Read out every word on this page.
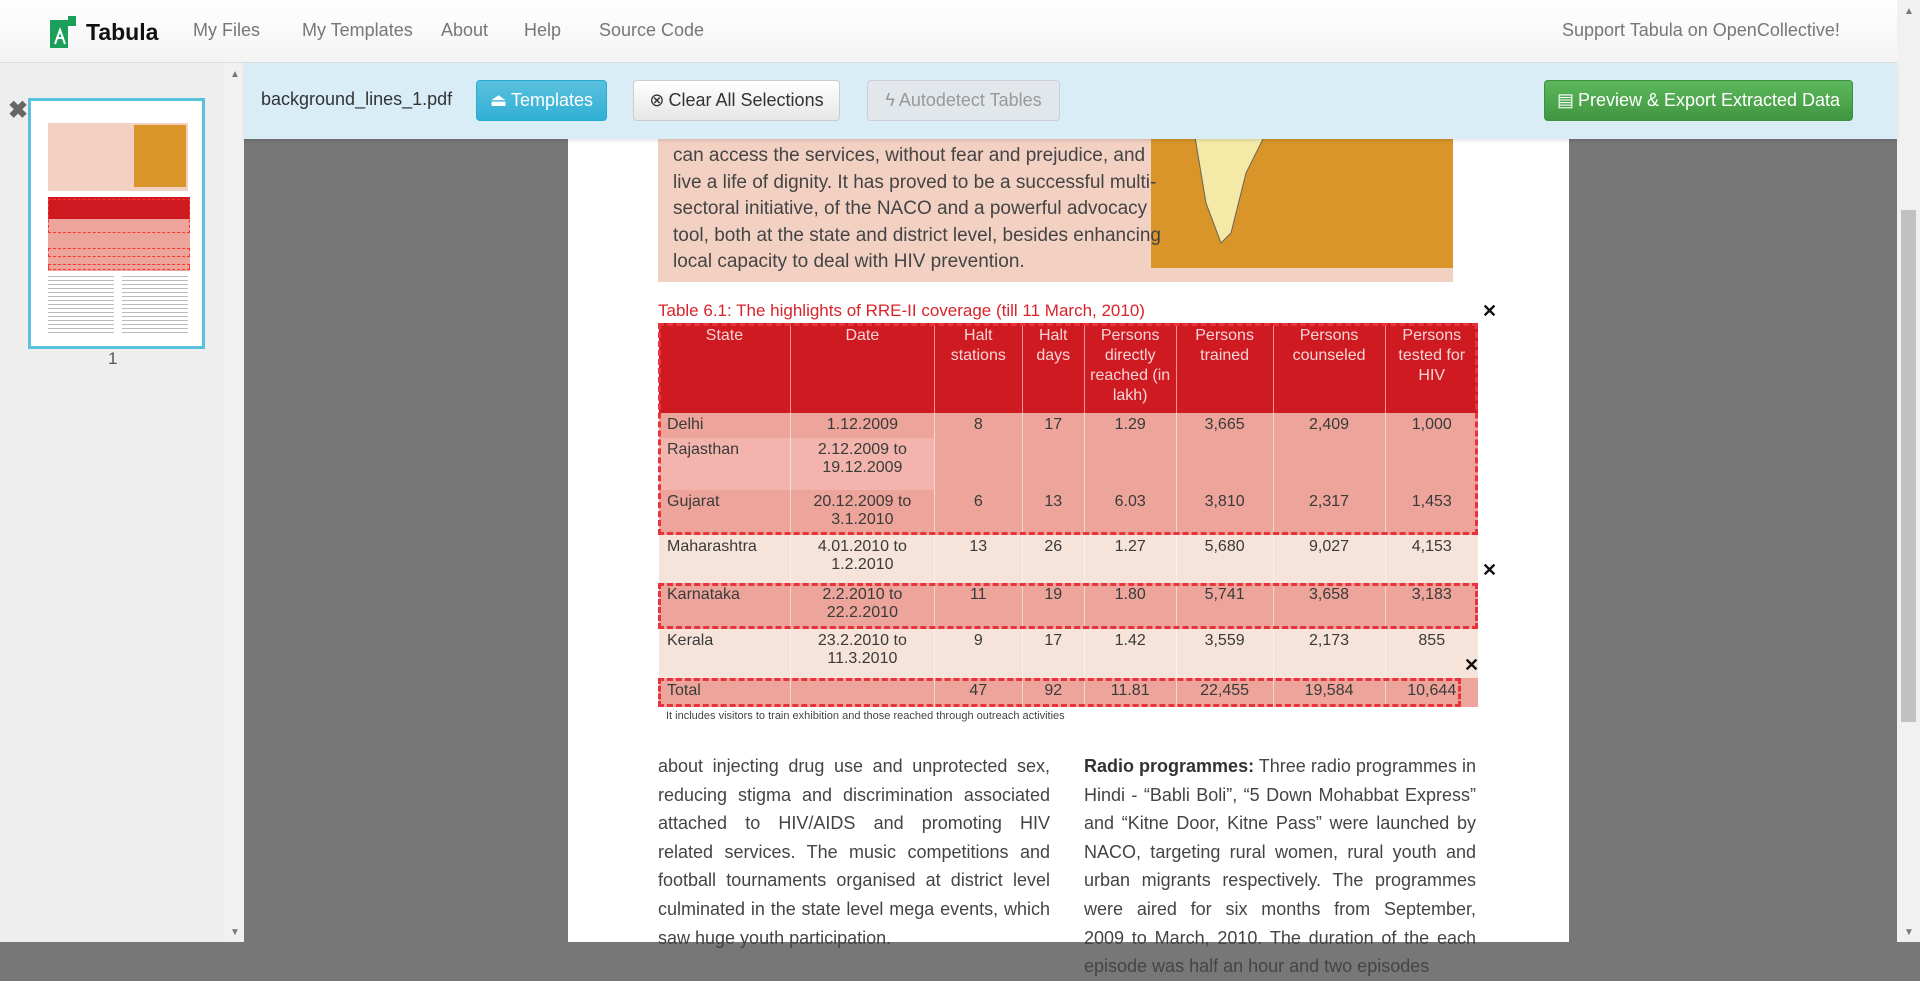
Tabula My Files My Templates About Help Source Code	Support Tabula on OpenCollective!
✖
1
▲
▼
background_lines_1.pdf ⏏ Templates	⊗ Clear All Selections	ϟ Autodetect Tables	▤ Preview & Export Extracted Data
can access the services, without fear and prejudice, and
live a life of dignity. It has proved to be a successful multi-
sectoral initiative, of the NACO and a powerful advocacy
tool, both at the state and district level, besides enhancing
local capacity to deal with HIV prevention.
Table 6.1: The highlights of RRE-II coverage (till 11 March, 2010)
State	Date	Halt stations	Halt days	Persons directly reached (in lakh)	Persons trained	Persons counseled	Persons tested for HIV
Delhi	1.12.2009	8	17	1.29	3,665	2,409	1,000
Rajasthan	2.12.2009 to 19.12.2009						
Gujarat	20.12.2009 to 3.1.2010	6	13	6.03	3,810	2,317	1,453
Maharashtra	4.01.2010 to 1.2.2010	13	26	1.27	5,680	9,027	4,153
Karnataka	2.2.2010 to 22.2.2010	11	19	1.80	5,741	3,658	3,183
Kerala	23.2.2010 to 11.3.2010	9	17	1.42	3,559	2,173	855
Total		47	92	11.81	22,455	19,584	10,644
It includes visitors to train exhibition and those reached through outreach activities
✕
✕
✕
about injecting drug use and unprotected sex,
reducing stigma and discrimination associated
attached to HIV/AIDS and promoting HIV
related services. The music competitions and
football tournaments organised at district level
culminated in the state level mega events, which
saw huge youth participation.
Radio programmes: Three radio programmes in
Hindi - “Babli Boli”, “5 Down Mohabbat Express”
and “Kitne Door, Kitne Pass” were launched by
NACO, targeting rural women, rural youth and
urban migrants respectively. The programmes
were aired for six months from September,
2009 to March, 2010. The duration of the each
episode was half an hour and two episodes
▲
▼
